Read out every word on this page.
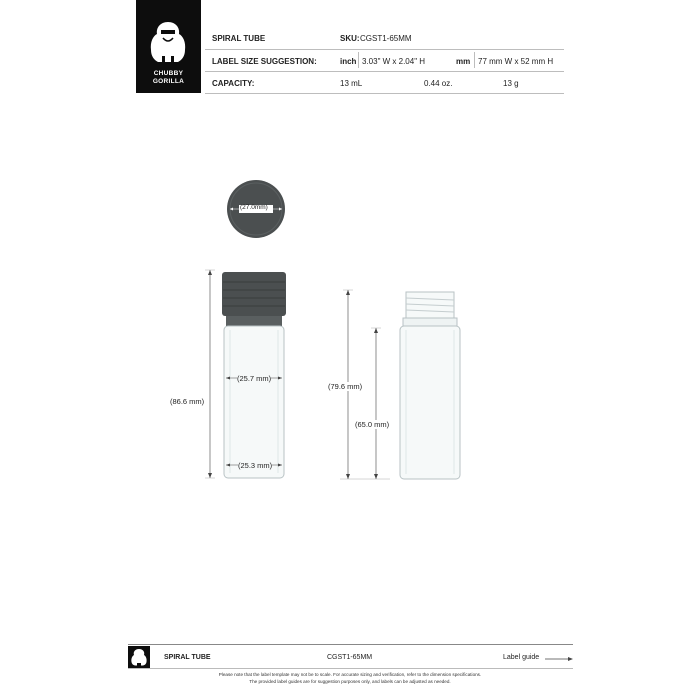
CHUBBY
GORILLA
SPIRAL TUBE	SKU: CGST1-65MM
LABEL SIZE SUGGESTION:	inch 3.03" W x 2.04" H	mm 77 mm W x 52 mm H
CAPACITY:	13 mL	0.44 oz.	13 g
(27.0mm)
(86.6 mm)
(25.7 mm)
(25.3 mm)
(79.6 mm)
(65.0 mm)
SPIRAL TUBE	CGST1-65MM	Label guide
Please note that the label template may not be to scale. For accurate sizing and verification, refer to the dimension specifications.
The provided label guides are for suggestion purposes only, and labels can be adjusted as needed.
